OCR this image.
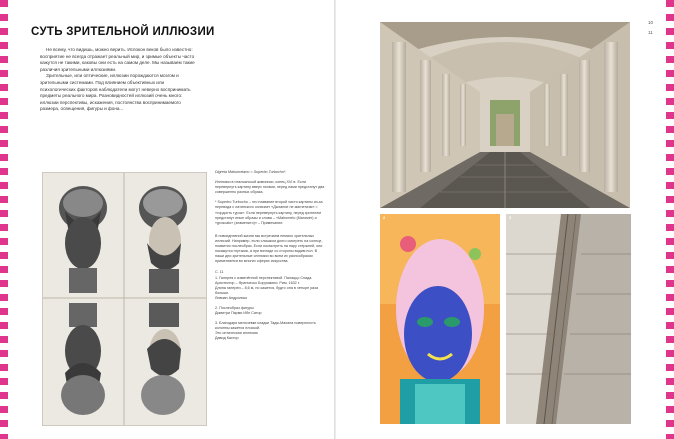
СУТЬ ЗРИТЕЛЬНОЙ ИЛЛЮЗИИ

Не всему, что видишь, можно верить. Испокон веков было известно: восприятие не всегда отражает реальный мир, и зримые объекты часто кажутся не такими, каковы они есть на самом деле. Мы называем такие различия зрительными иллюзиями.

Зрительные, или оптические, иллюзии порождаются мозгом и зрительными системами. Под влиянием объективных или психологических факторов наблюдатели могут неверно воспринимать предметы реального мира. Разновидностей иллюзий очень много: иллюзии перспективы, искажения, постоянства воспринимаемого размера, освещения, фигуры и фона...

Digreta Mahumetano = Superbo Turbocho*.

Иллюзии в итальянской живописи, конец XVI в. Если перевернуть картину вверх ногами, перед нами предстанут два совершенно разных образа.

* Superbo Turbocho – это название второй части картины из-за перевода с латинского означает «Дыхание не магнетизм» = «гордость турок». Если перевернуть картину, перед зрителем предстанут иные образы и слова – «Mahumeto (Магомет) и «groscato» (знаменито)» – Примечание.

В повседневной жизни мы встречаем немало зрительных иллюзий. Например, если слишком долго смотреть на солнце, появится послеобраз. Если посмотреть на пару стержней, они покажутся гнутыми, а при взгляде со стороны видим пол. В наши дни зрительные иллюзии во всем их разнообразии применяются во многих сферах искусства.

С. 11
1. Галерея с изменённой перспективой. Палаццо Спада. Архитектор – Франческо Борромини. Рим, 1632 г.
Длина галереи – 8,6 м, но кажется, будто она в четыре раза больше.
Ливиан Андролико

2. Послеобраз фигуры
Димитри Парми Ибн Сатор

3. Благодаря мелочевке кладки Тадж-Махала поверхность колонны кажется плоской.
Это оптическая иллюзия
Давид Кастор

2	3
10
11
